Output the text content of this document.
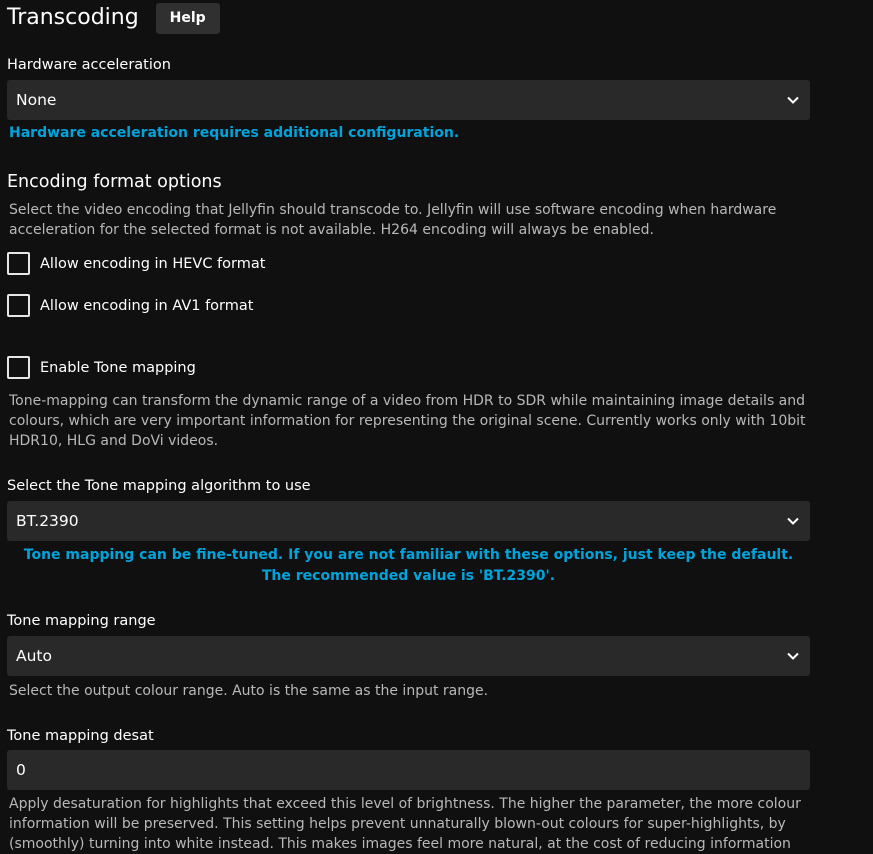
Transcoding	Help
Hardware acceleration
None
Hardware acceleration requires additional configuration.
Encoding format options
Select the video encoding that Jellyfin should transcode to. Jellyfin will use software encoding when hardware acceleration for the selected format is not available. H264 encoding will always be enabled.
Allow encoding in HEVC format
Allow encoding in AV1 format
Enable Tone mapping
Tone-mapping can transform the dynamic range of a video from HDR to SDR while maintaining image details and colours, which are very important information for representing the original scene. Currently works only with 10bit HDR10, HLG and DoVi videos.
Select the Tone mapping algorithm to use
BT.2390
Tone mapping can be fine-tuned. If you are not familiar with these options, just keep the default. The recommended value is 'BT.2390'.
Tone mapping range
Auto
Select the output colour range. Auto is the same as the input range.
Tone mapping desat
0
Apply desaturation for highlights that exceed this level of brightness. The higher the parameter, the more colour information will be preserved. This setting helps prevent unnaturally blown-out colours for super-highlights, by (smoothly) turning into white instead. This makes images feel more natural, at the cost of reducing information
